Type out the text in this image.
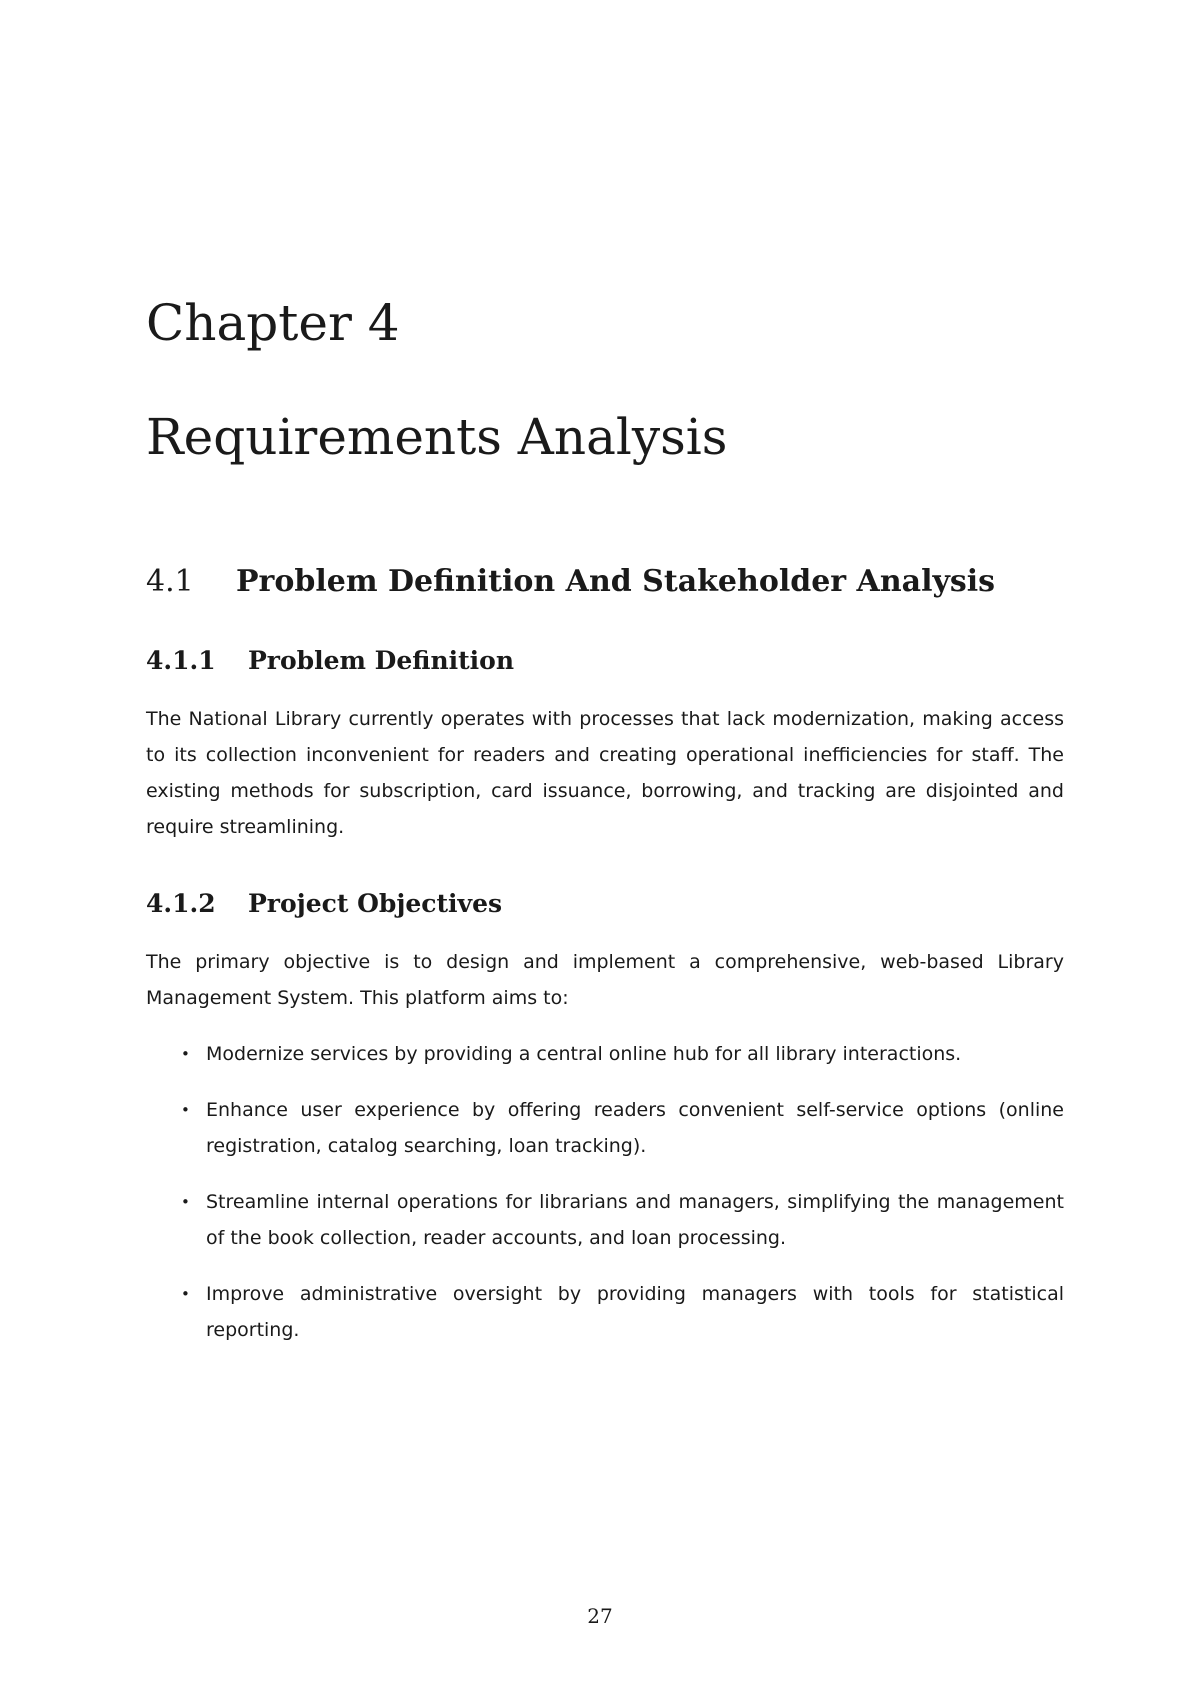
Chapter 4
Requirements Analysis
4.1	Problem Definition And Stakeholder Analysis
4.1.1	Problem Definition

The National Library currently operates with processes that lack modernization, making access to its collection inconvenient for readers and creating operational inefficiencies for staff. The existing methods for subscription, card issuance, borrowing, and tracking are disjointed and require streamlining.

4.1.2	Project Objectives

The primary objective is to design and implement a comprehensive, web-based Library Management System. This platform aims to:

• Modernize services by providing a central online hub for all library interactions.
• Enhance user experience by offering readers convenient self-service options (online registration, catalog searching, loan tracking).
• Streamline internal operations for librarians and managers, simplifying the management of the book collection, reader accounts, and loan processing.
• Improve administrative oversight by providing managers with tools for statistical reporting.

27
